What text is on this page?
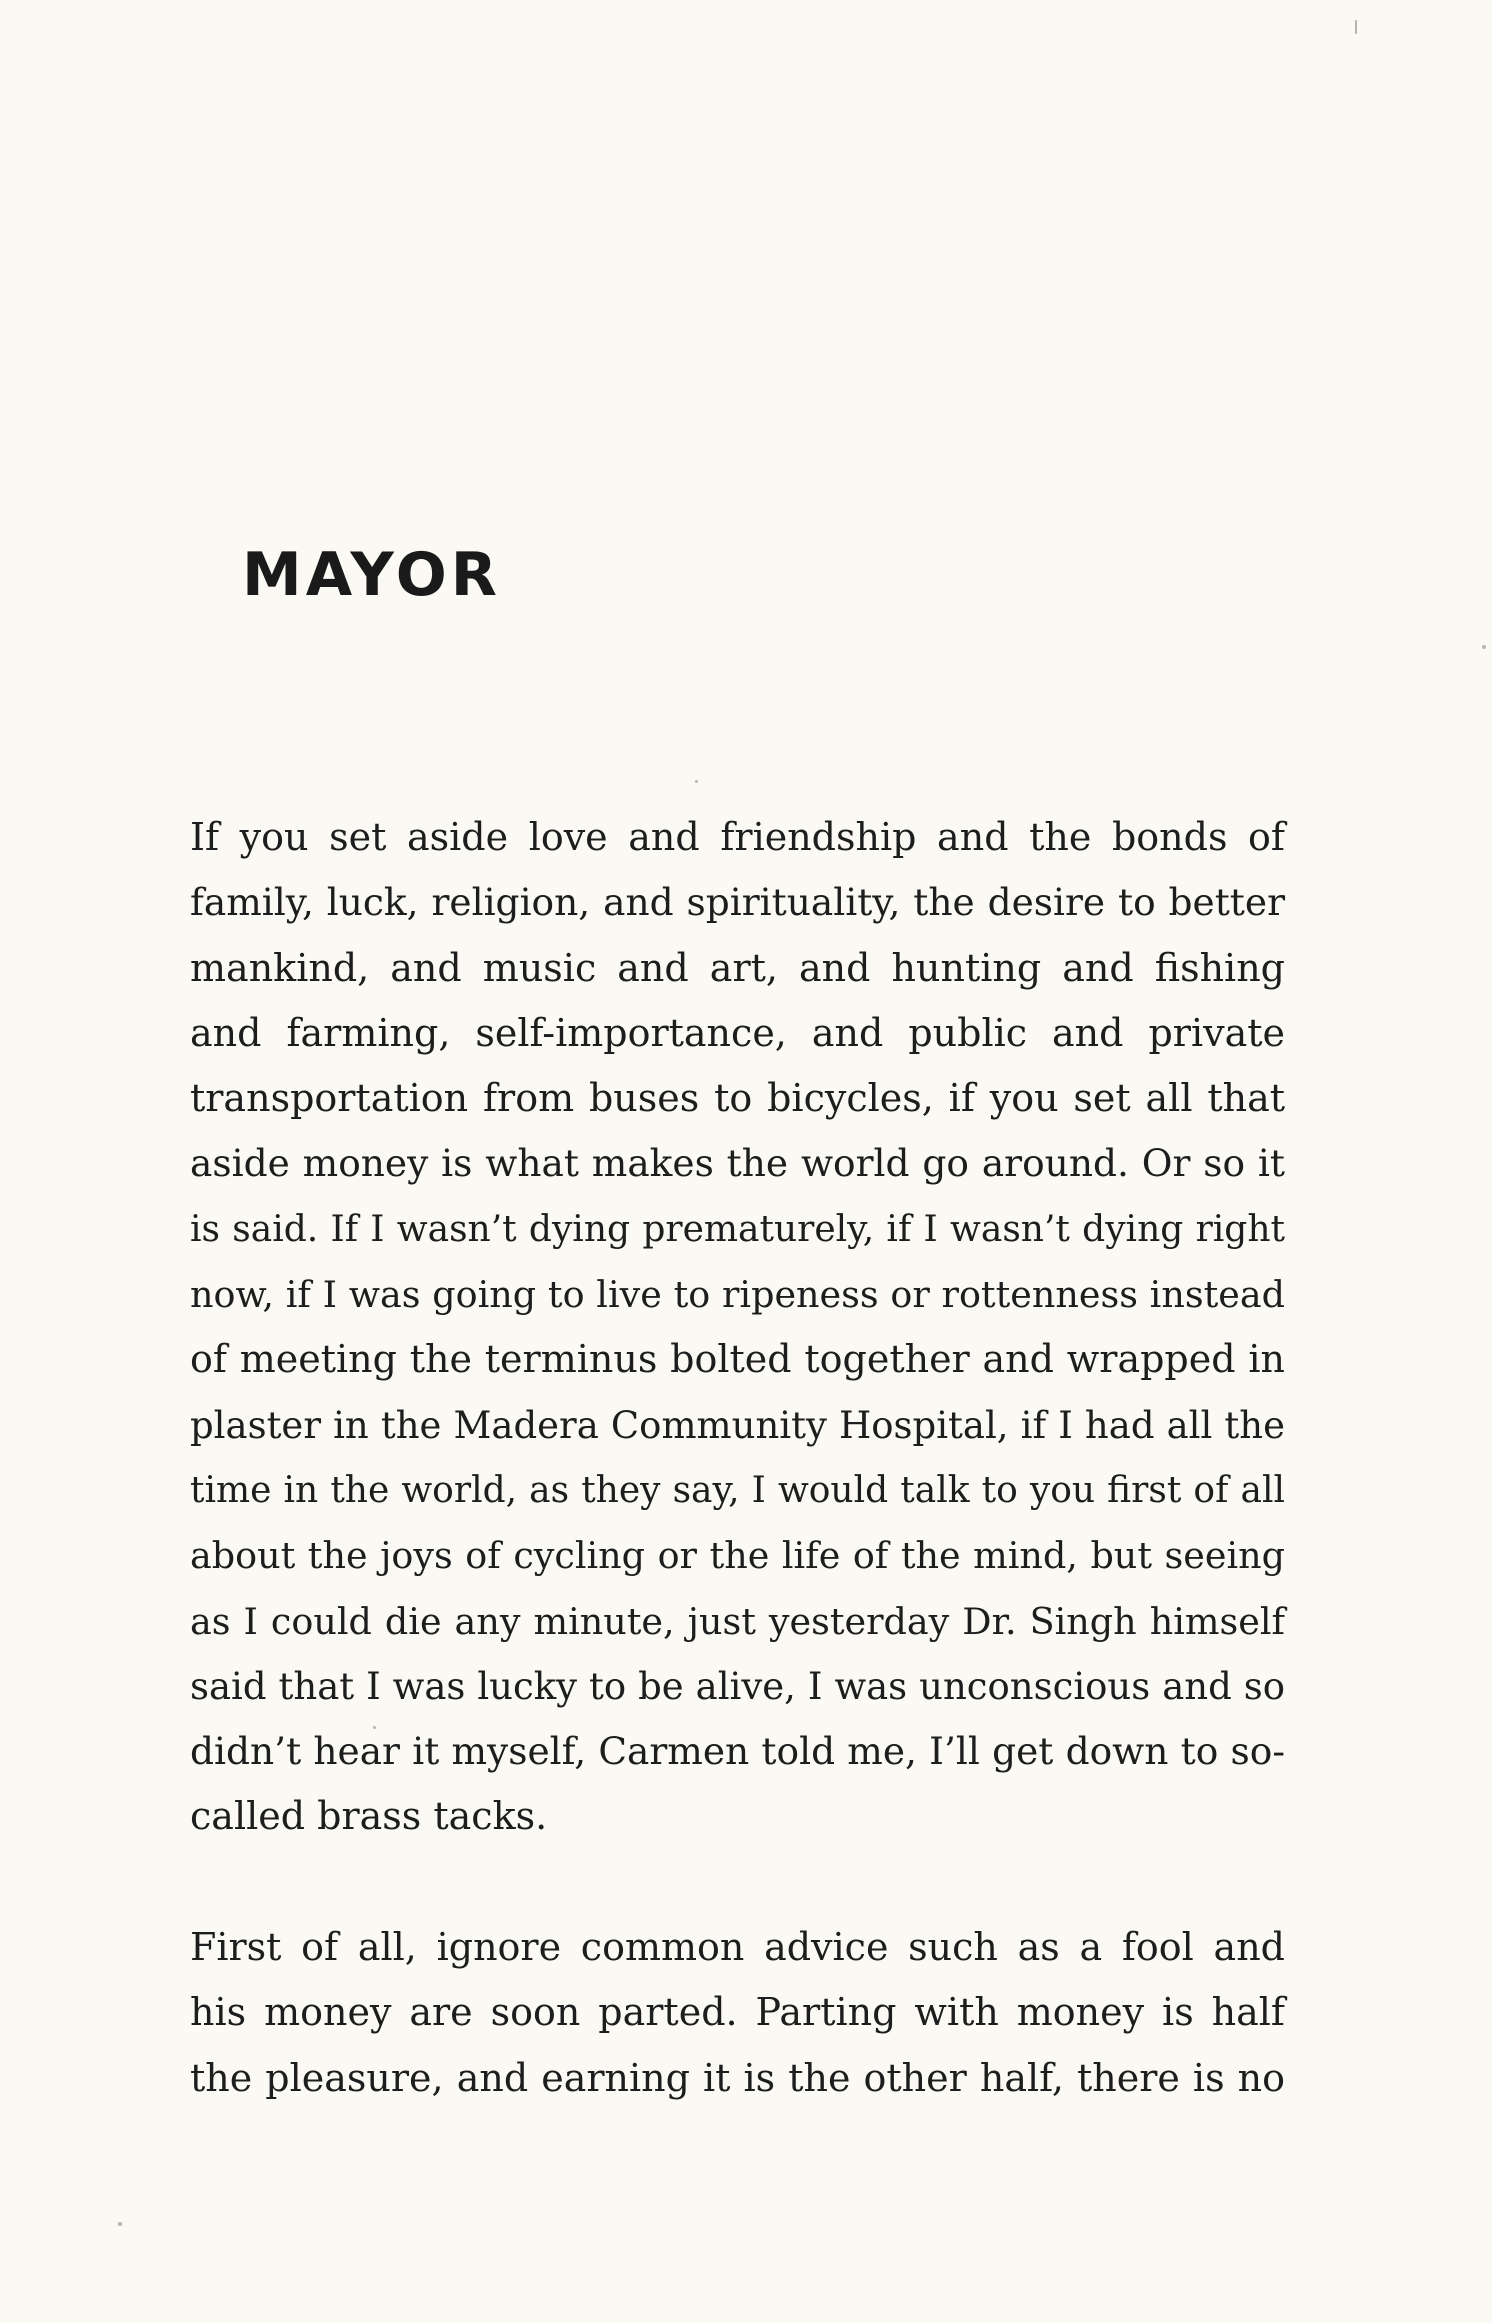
MAYOR
If you set aside love and friendship and the bonds of
family, luck, religion, and spirituality, the desire to better
mankind, and music and art, and hunting and fishing
and farming, self-importance, and public and private
transportation from buses to bicycles, if you set all that
aside money is what makes the world go around. Or so it
is said. If I wasn’t dying prematurely, if I wasn’t dying right
now, if I was going to live to ripeness or rottenness instead
of meeting the terminus bolted together and wrapped in
plaster in the Madera Community Hospital, if I had all the
time in the world, as they say, I would talk to you first of all
about the joys of cycling or the life of the mind, but seeing
as I could die any minute, just yesterday Dr. Singh himself
said that I was lucky to be alive, I was unconscious and so
didn’t hear it myself, Carmen told me, I’ll get down to so-
called brass tacks.
First of all, ignore common advice such as a fool and
his money are soon parted. Parting with money is half
the pleasure, and earning it is the other half, there is no
